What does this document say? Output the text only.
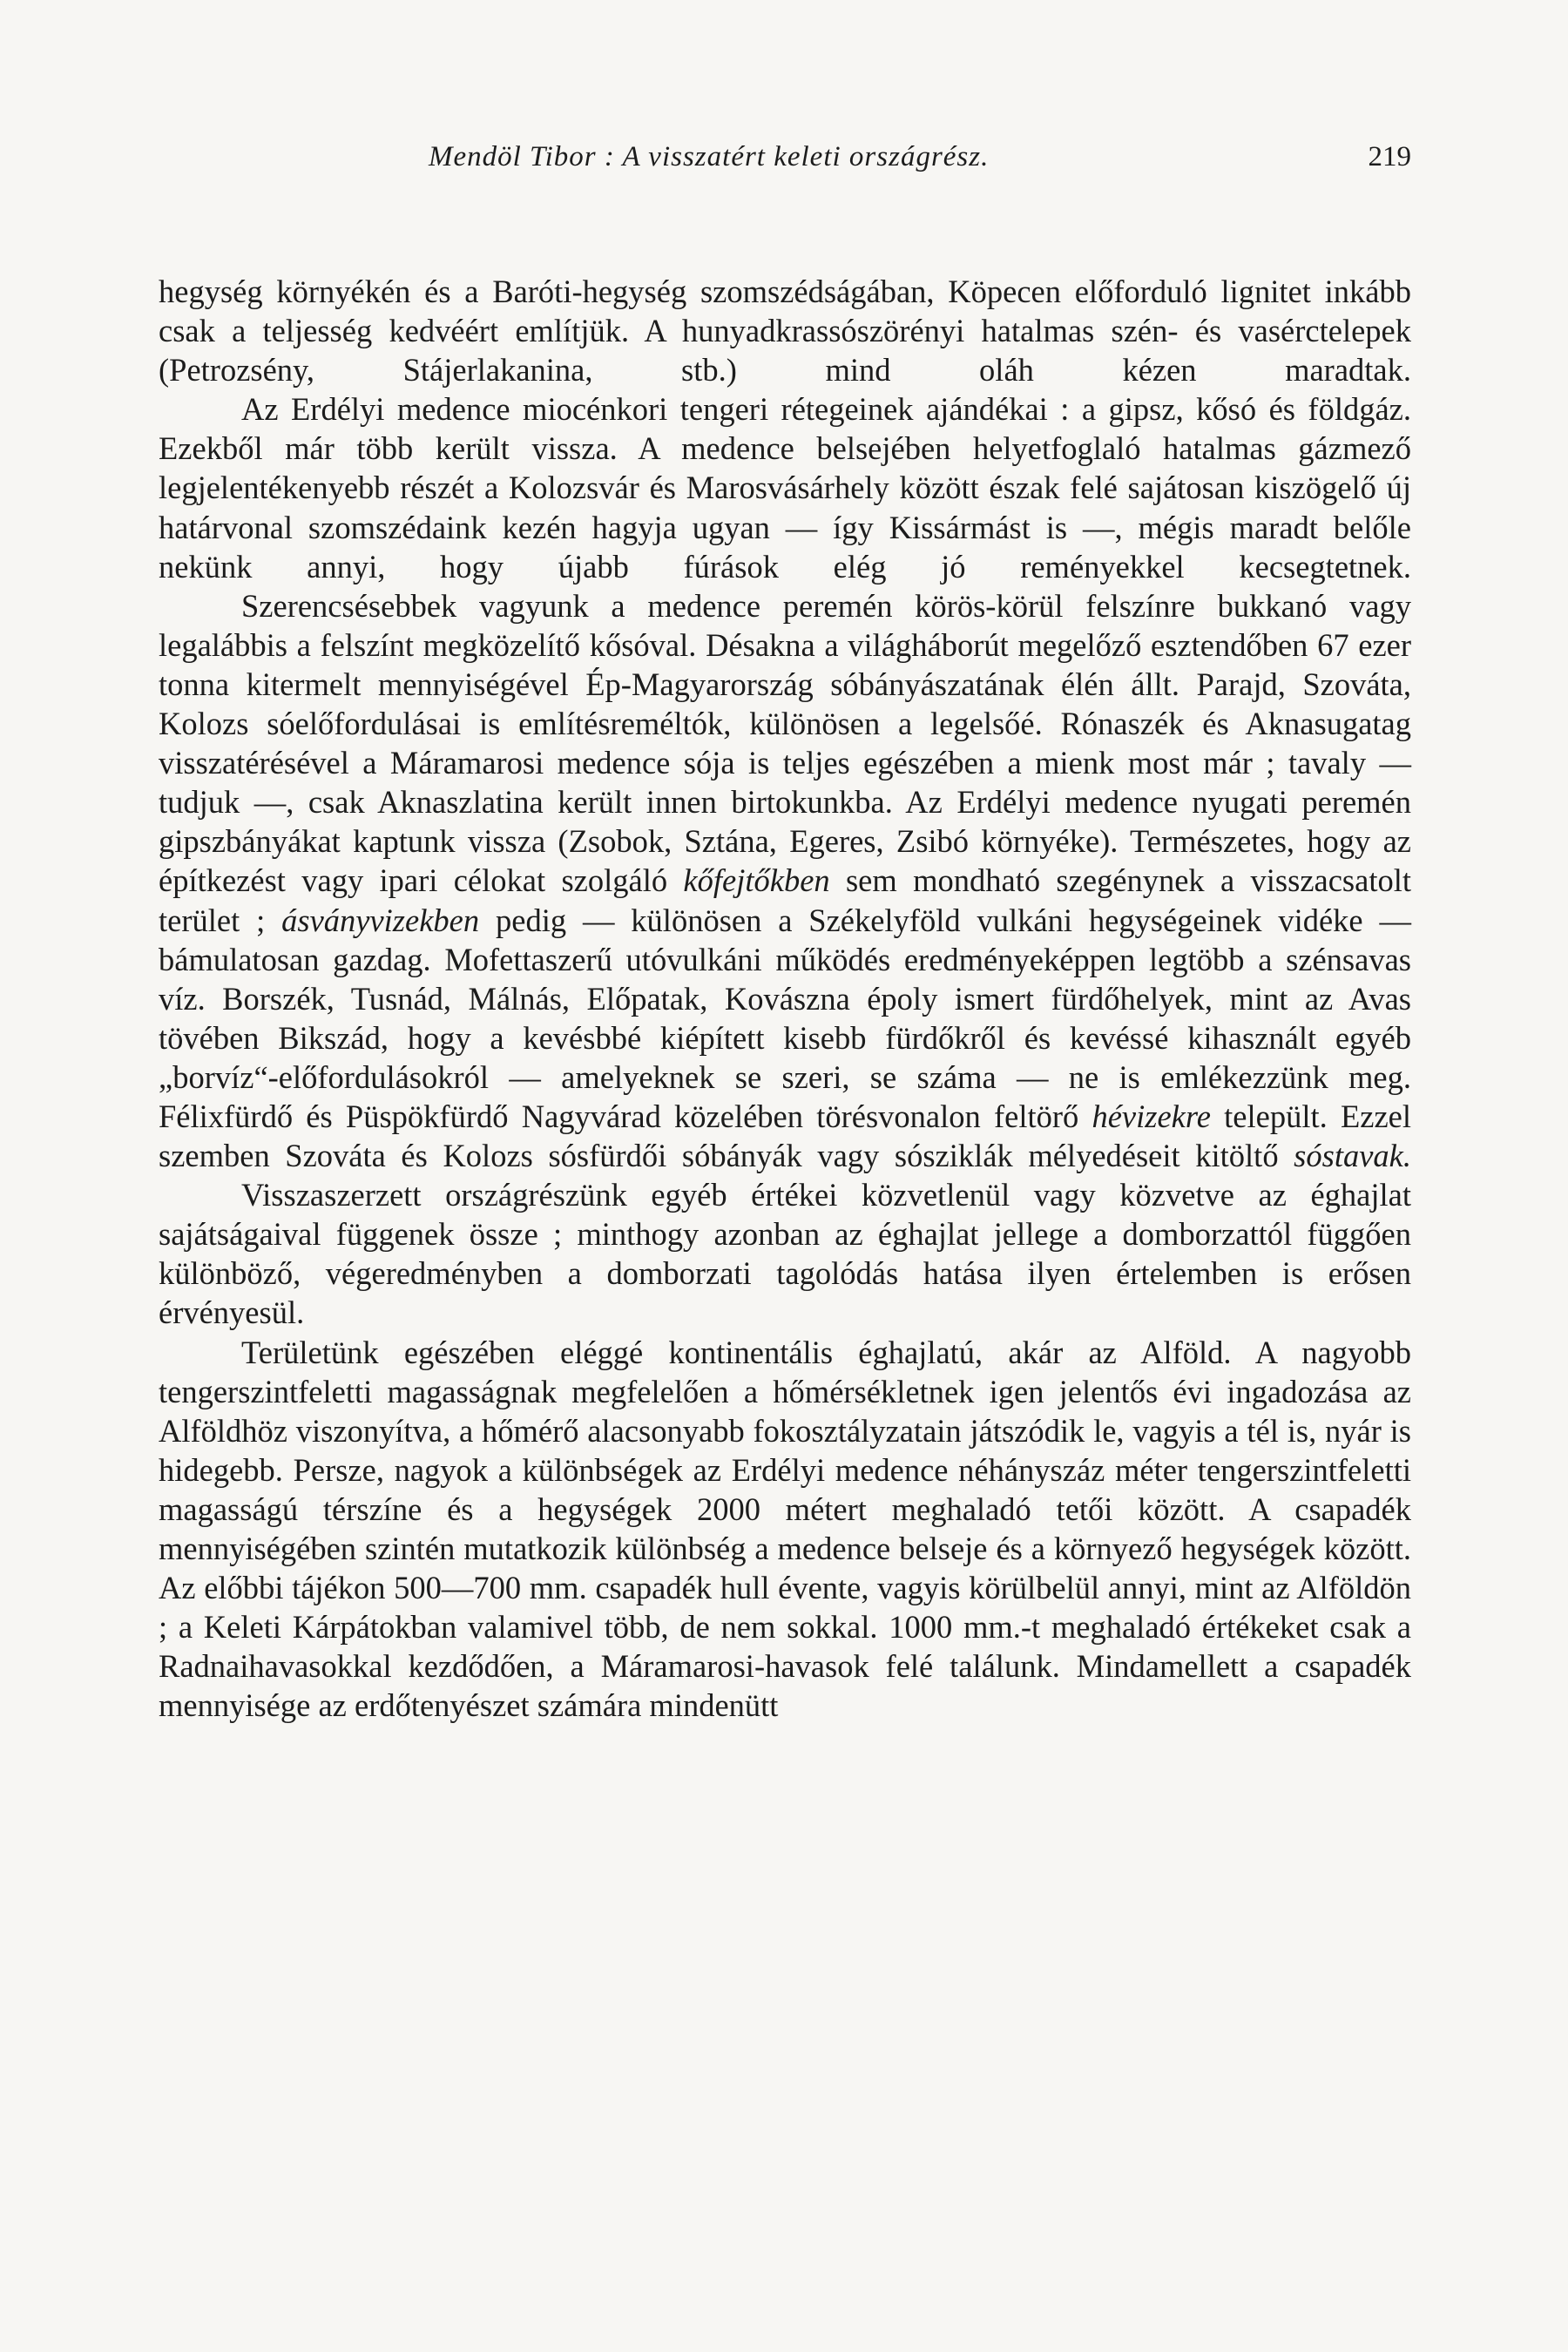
Mendöl Tibor : A visszatért keleti országrész.	219

hegység környékén és a Baróti-hegység szomszédságában, Köpecen előforduló lignitet inkább csak a teljesség kedvéért említjük. A hunyadkrassószörényi hatalmas szén- és vasérctelepek (Petrozsény, Stájerlakanina, stb.) mind oláh kézen maradtak.

Az Erdélyi medence miocénkori tengeri rétegeinek ajándékai : a gipsz, kősó és földgáz. Ezekből már több került vissza. A medence belsejében helyetfoglaló hatalmas gázmező legjelentékenyebb részét a Kolozsvár és Marosvásárhely között észak felé sajátosan kiszögelő új határvonal szomszédaink kezén hagyja ugyan — így Kissármást is —, mégis maradt belőle nekünk annyi, hogy újabb fúrások elég jó reményekkel kecsegtetnek.

Szerencsésebbek vagyunk a medence peremén körös-körül felszínre bukkanó vagy legalábbis a felszínt megközelítő kősóval. Désakna a világháborút megelőző esztendőben 67 ezer tonna kitermelt mennyiségével Ép-Magyarország sóbányászatának élén állt. Parajd, Szováta, Kolozs sóelőfordulásai is említésreméltók, különösen a legelsőé. Rónaszék és Aknasugatag visszatérésével a Máramarosi medence sója is teljes egészében a mienk most már ; tavaly — tudjuk —, csak Aknaszlatina került innen birtokunkba. Az Erdélyi medence nyugati peremén gipszbányákat kaptunk vissza (Zsobok, Sztána, Egeres, Zsibó környéke). Természetes, hogy az építkezést vagy ipari célokat szolgáló kőfejtőkben sem mondható szegénynek a visszacsatolt terület ; ásványvizekben pedig — különösen a Székelyföld vulkáni hegységeinek vidéke — bámulatosan gazdag. Mofettaszerű utóvulkáni működés eredményeképpen legtöbb a szénsavas víz. Borszék, Tusnád, Málnás, Előpatak, Kovászna époly ismert fürdőhelyek, mint az Avas tövében Bikszád, hogy a kevésbbé kiépített kisebb fürdőkről és kevéssé kihasznált egyéb „borvíz“-előfordulásokról — amelyeknek se szeri, se száma — ne is emlékezzünk meg. Félixfürdő és Püspökfürdő Nagyvárad közelében törésvonalon feltörő hévizekre települt. Ezzel szemben Szováta és Kolozs sósfürdői sóbányák vagy sósziklák mélyedéseit kitöltő sóstavak.

Visszaszerzett országrészünk egyéb értékei közvetlenül vagy közvetve az éghajlat sajátságaival függenek össze ; minthogy azonban az éghajlat jellege a domborzattól függően különböző, végeredményben a domborzati tagolódás hatása ilyen értelemben is erősen érvényesül.

Területünk egészében eléggé kontinentális éghajlatú, akár az Alföld. A nagyobb tengerszintfeletti magasságnak megfelelően a hőmérsékletnek igen jelentős évi ingadozása az Alföldhöz viszonyítva, a hőmérő alacsonyabb fokosztályzatain játszódik le, vagyis a tél is, nyár is hidegebb. Persze, nagyok a különbségek az Erdélyi medence néhányszáz méter tengerszintfeletti magasságú térszíne és a hegységek 2000 métert meghaladó tetői között. A csapadék mennyiségében szintén mutatkozik különbség a medence belseje és a környező hegységek között. Az előbbi tájékon 500—700 mm. csapadék hull évente, vagyis körülbelül annyi, mint az Alföldön ; a Keleti Kárpátokban valamivel több, de nem sokkal. 1000 mm.-t meghaladó értékeket csak a Radnaihavasokkal kezdődően, a Máramarosi-havasok felé találunk. Mindamellett a csapadék mennyisége az erdőtenyészet számára mindenütt
